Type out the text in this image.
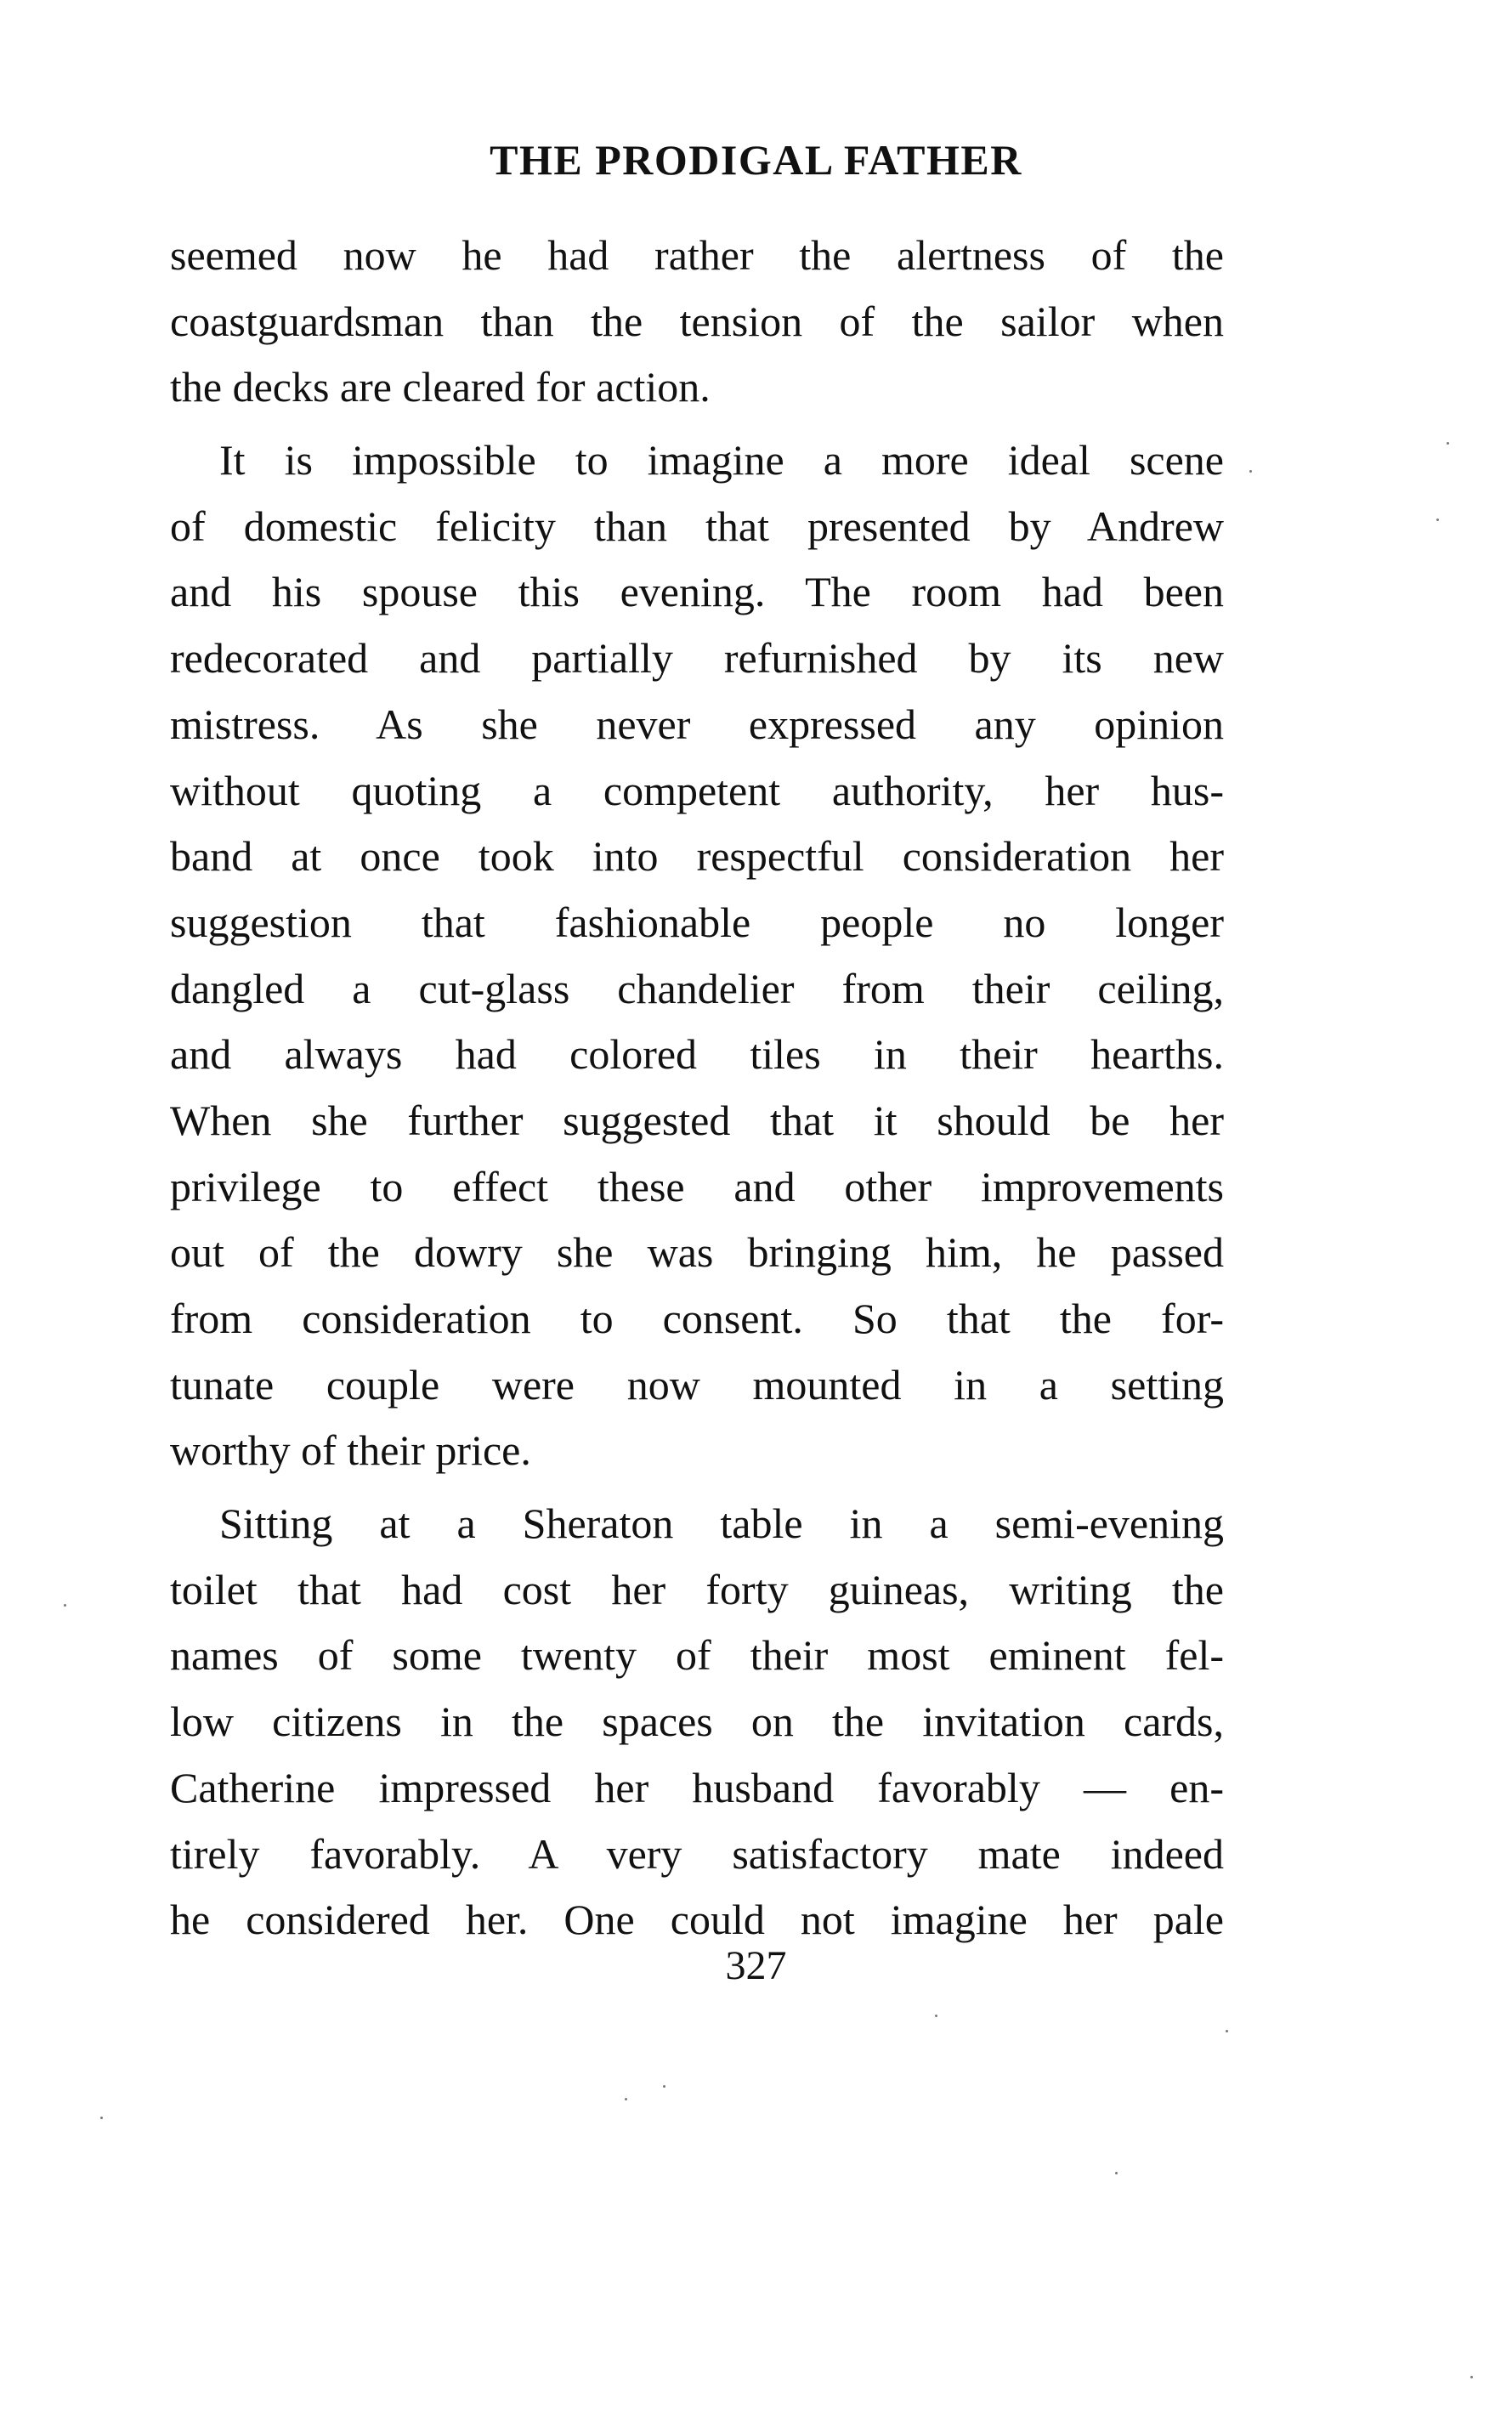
THE PRODIGAL FATHER
seemed now he had rather the alertness of the
coastguardsman than the tension of the sailor when
the decks are cleared for action.
It is impossible to imagine a more ideal scene
of domestic felicity than that presented by Andrew
and his spouse this evening. The room had been
redecorated and partially refurnished by its new
mistress. As she never expressed any opinion
without quoting a competent authority, her hus-
band at once took into respectful consideration her
suggestion that fashionable people no longer
dangled a cut-glass chandelier from their ceiling,
and always had colored tiles in their hearths.
When she further suggested that it should be her
privilege to effect these and other improvements
out of the dowry she was bringing him, he passed
from consideration to consent. So that the for-
tunate couple were now mounted in a setting
worthy of their price.
Sitting at a Sheraton table in a semi-evening
toilet that had cost her forty guineas, writing the
names of some twenty of their most eminent fel-
low citizens in the spaces on the invitation cards,
Catherine impressed her husband favorably — en-
tirely favorably. A very satisfactory mate indeed
he considered her. One could not imagine her pale
327
